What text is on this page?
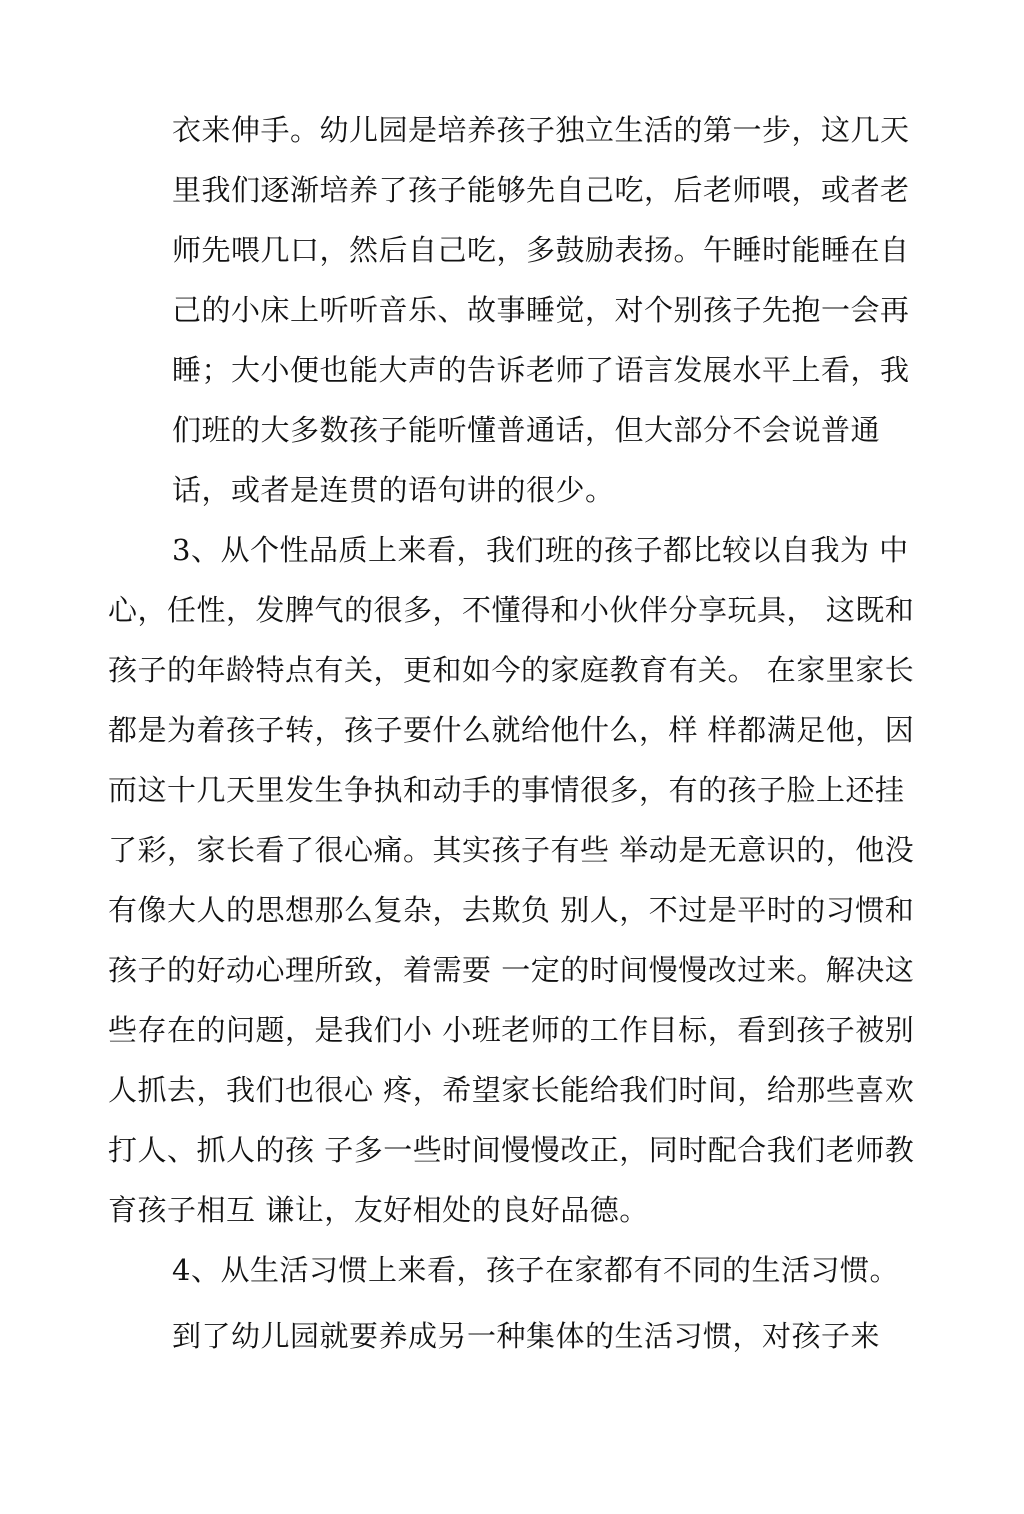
衣来伸手。幼儿园是培养孩子独立生活的第一步，这几天

里我们逐渐培养了孩子能够先自己吃，后老师喂，或者老

师先喂几口，然后自己吃，多鼓励表扬。午睡时能睡在自

己的小床上听听音乐、故事睡觉，对个别孩子先抱一会再

睡；大小便也能大声的告诉老师了语言发展水平上看，我

们班的大多数孩子能听懂普通话，但大部分不会说普通

话，或者是连贯的语句讲的很少。

3、从个性品质上来看，我们班的孩子都比较以自我为 中

心，任性，发脾气的很多，不懂得和小伙伴分享玩具， 这既和

孩子的年龄特点有关，更和如今的家庭教育有关。 在家里家长

都是为着孩子转，孩子要什么就给他什么，样 样都满足他，因

而这十几天里发生争执和动手的事情很多，有的孩子脸上还挂

了彩，家长看了很心痛。其实孩子有些 举动是无意识的，他没

有像大人的思想那么复杂，去欺负 别人，不过是平时的习惯和

孩子的好动心理所致，着需要 一定的时间慢慢改过来。解决这

些存在的问题，是我们小 小班老师的工作目标，看到孩子被别

人抓去，我们也很心 疼，希望家长能给我们时间，给那些喜欢

打人、抓人的孩 子多一些时间慢慢改正，同时配合我们老师教

育孩子相互 谦让，友好相处的良好品德。

4、从生活习惯上来看，孩子在家都有不同的生活习惯。

到了幼儿园就要养成另一种集体的生活习惯，对孩子来
